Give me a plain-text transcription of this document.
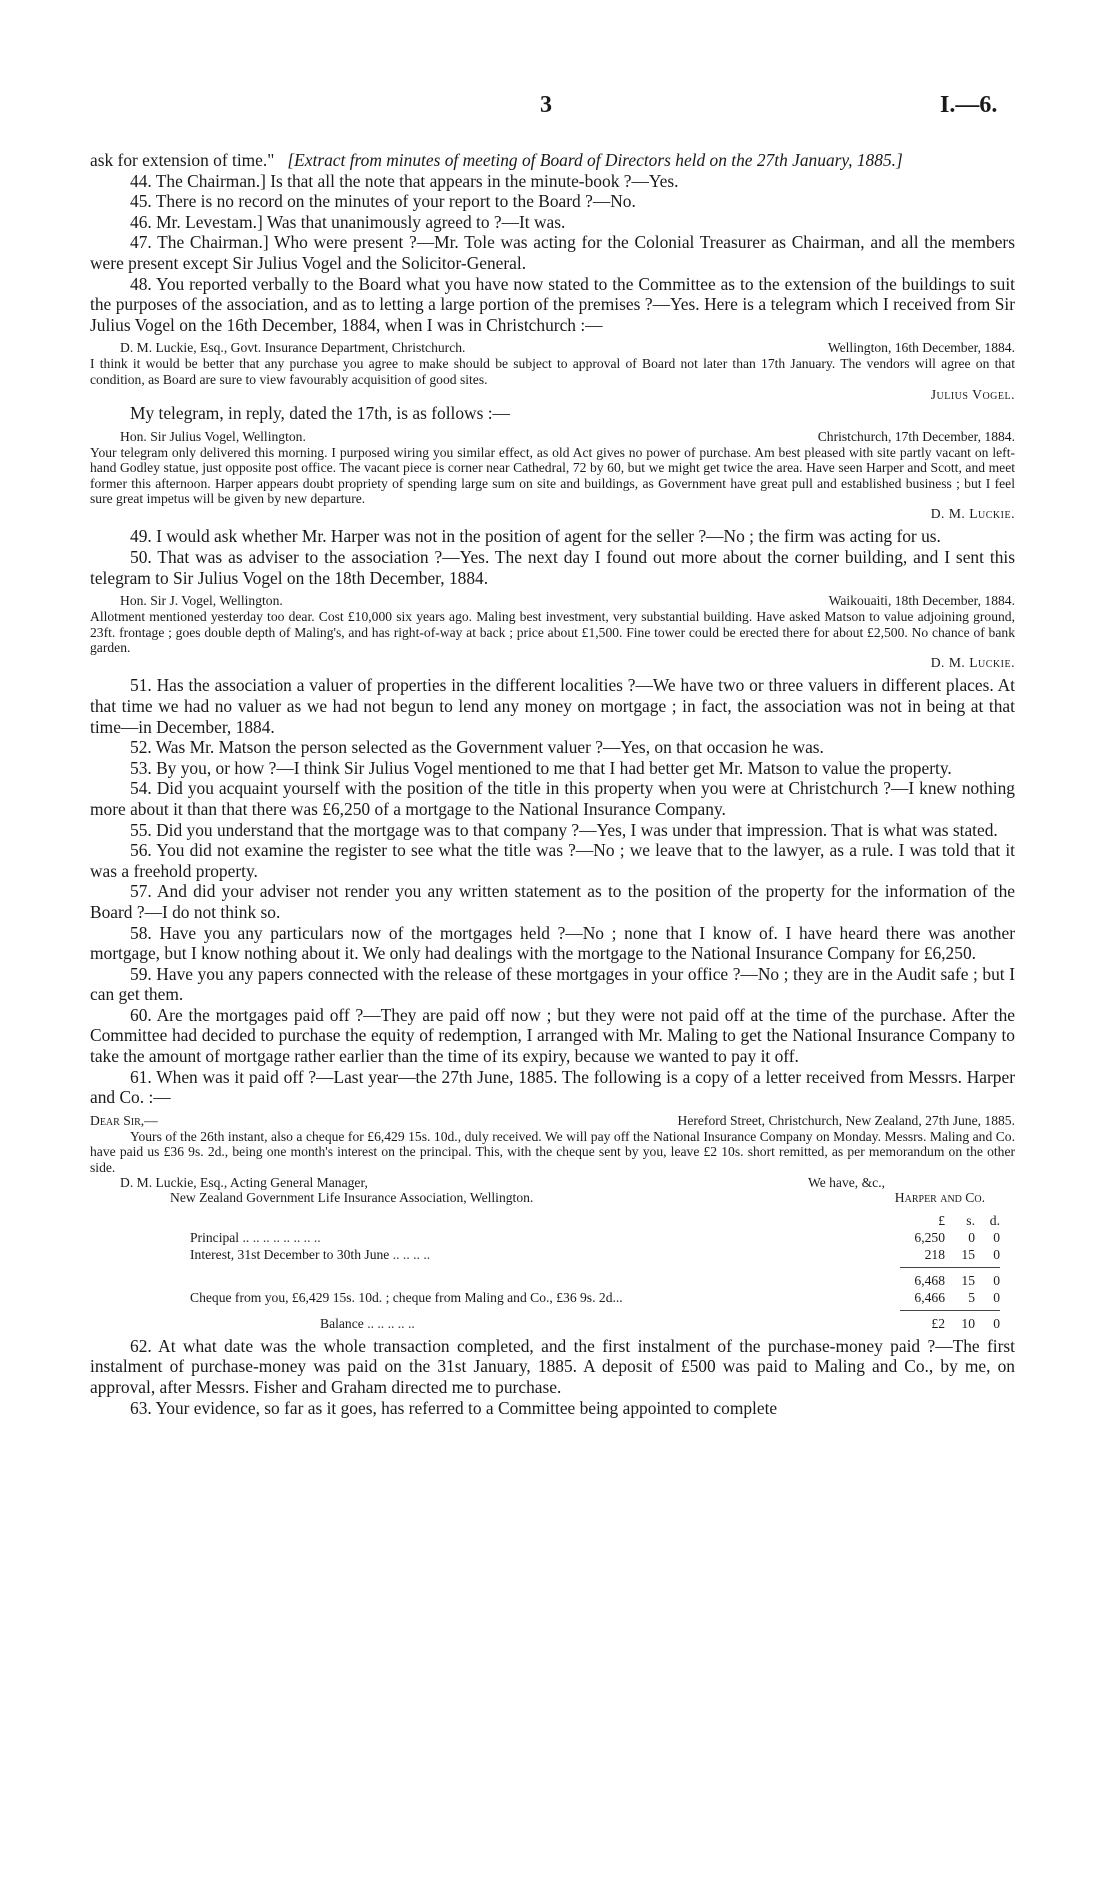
3	I.—6.

ask for extension of time." [Extract from minutes of meeting of Board of Directors held on the 27th January, 1885.]

44. The Chairman.] Is that all the note that appears in the minute-book ?—Yes.

45. There is no record on the minutes of your report to the Board ?—No.

46. Mr. Levestam.] Was that unanimously agreed to ?—It was.

47. The Chairman.] Who were present ?—Mr. Tole was acting for the Colonial Treasurer as Chairman, and all the members were present except Sir Julius Vogel and the Solicitor-General.

48. You reported verbally to the Board what you have now stated to the Committee as to the extension of the buildings to suit the purposes of the association, and as to letting a large portion of the premises ?—Yes. Here is a telegram which I received from Sir Julius Vogel on the 16th December, 1884, when I was in Christchurch :—

D. M. Luckie, Esq., Govt. Insurance Department, Christchurch.	Wellington, 16th December, 1884.

I think it would be better that any purchase you agree to make should be subject to approval of Board not later than 17th January. The vendors will agree on that condition, as Board are sure to view favourably acquisition of good sites.

Julius Vogel.

My telegram, in reply, dated the 17th, is as follows :—

Hon. Sir Julius Vogel, Wellington.	Christchurch, 17th December, 1884.

Your telegram only delivered this morning. I purposed wiring you similar effect, as old Act gives no power of purchase. Am best pleased with site partly vacant on left-hand Godley statue, just opposite post office. The vacant piece is corner near Cathedral, 72 by 60, but we might get twice the area. Have seen Harper and Scott, and meet former this afternoon. Harper appears doubt propriety of spending large sum on site and buildings, as Government have great pull and established business ; but I feel sure great impetus will be given by new departure.

D. M. Luckie.

49. I would ask whether Mr. Harper was not in the position of agent for the seller ?—No ; the firm was acting for us.

50. That was as adviser to the association ?—Yes. The next day I found out more about the corner building, and I sent this telegram to Sir Julius Vogel on the 18th December, 1884.

Hon. Sir J. Vogel, Wellington.	Waikouaiti, 18th December, 1884.

Allotment mentioned yesterday too dear. Cost £10,000 six years ago. Maling best investment, very substantial building. Have asked Matson to value adjoining ground, 23ft. frontage ; goes double depth of Maling's, and has right-of-way at back ; price about £1,500. Fine tower could be erected there for about £2,500. No chance of bank garden.

D. M. Luckie.

51. Has the association a valuer of properties in the different localities ?—We have two or three valuers in different places. At that time we had no valuer as we had not begun to lend any money on mortgage ; in fact, the association was not in being at that time—in December, 1884.

52. Was Mr. Matson the person selected as the Government valuer ?—Yes, on that occasion he was.

53. By you, or how ?—I think Sir Julius Vogel mentioned to me that I had better get Mr. Matson to value the property.

54. Did you acquaint yourself with the position of the title in this property when you were at Christchurch ?—I knew nothing more about it than that there was £6,250 of a mortgage to the National Insurance Company.

55. Did you understand that the mortgage was to that company ?—Yes, I was under that impression. That is what was stated.

56. You did not examine the register to see what the title was ?—No ; we leave that to the lawyer, as a rule. I was told that it was a freehold property.

57. And did your adviser not render you any written statement as to the position of the property for the information of the Board ?—I do not think so.

58. Have you any particulars now of the mortgages held ?—No ; none that I know of. I have heard there was another mortgage, but I know nothing about it. We only had dealings with the mortgage to the National Insurance Company for £6,250.

59. Have you any papers connected with the release of these mortgages in your office ?—No ; they are in the Audit safe ; but I can get them.

60. Are the mortgages paid off ?—They are paid off now ; but they were not paid off at the time of the purchase. After the Committee had decided to purchase the equity of redemption, I arranged with Mr. Maling to get the National Insurance Company to take the amount of mortgage rather earlier than the time of its expiry, because we wanted to pay it off.

61. When was it paid off ?—Last year—the 27th June, 1885. The following is a copy of a letter received from Messrs. Harper and Co. :—

Dear Sir,—	Hereford Street, Christchurch, New Zealand, 27th June, 1885.

Yours of the 26th instant, also a cheque for £6,429 15s. 10d., duly received. We will pay off the National Insurance Company on Monday. Messrs. Maling and Co. have paid us £36 9s. 2d., being one month's interest on the principal. This, with the cheque sent by you, leave £2 10s. short remitted, as per memorandum on the other side.

D. M. Luckie, Esq., Acting General Manager,	We have, &c.,
New Zealand Government Life Insurance Association, Wellington.	Harper and Co.
£	s.	d.
Principal .. .. .. .. .. .. .. ..	6,250	0	0
Interest, 31st December to 30th June .. .. .. ..	218	15	0
6,468	15	0
Cheque from you, £6,429 15s. 10d. ; cheque from Maling and Co., £36 9s. 2d...	6,466	5	0
Balance .. .. .. .. ..	£2	10	0

62. At what date was the whole transaction completed, and the first instalment of the purchase-money paid ?—The first instalment of purchase-money was paid on the 31st January, 1885. A deposit of £500 was paid to Maling and Co., by me, on approval, after Messrs. Fisher and Graham directed me to purchase.

63. Your evidence, so far as it goes, has referred to a Committee being appointed to complete
